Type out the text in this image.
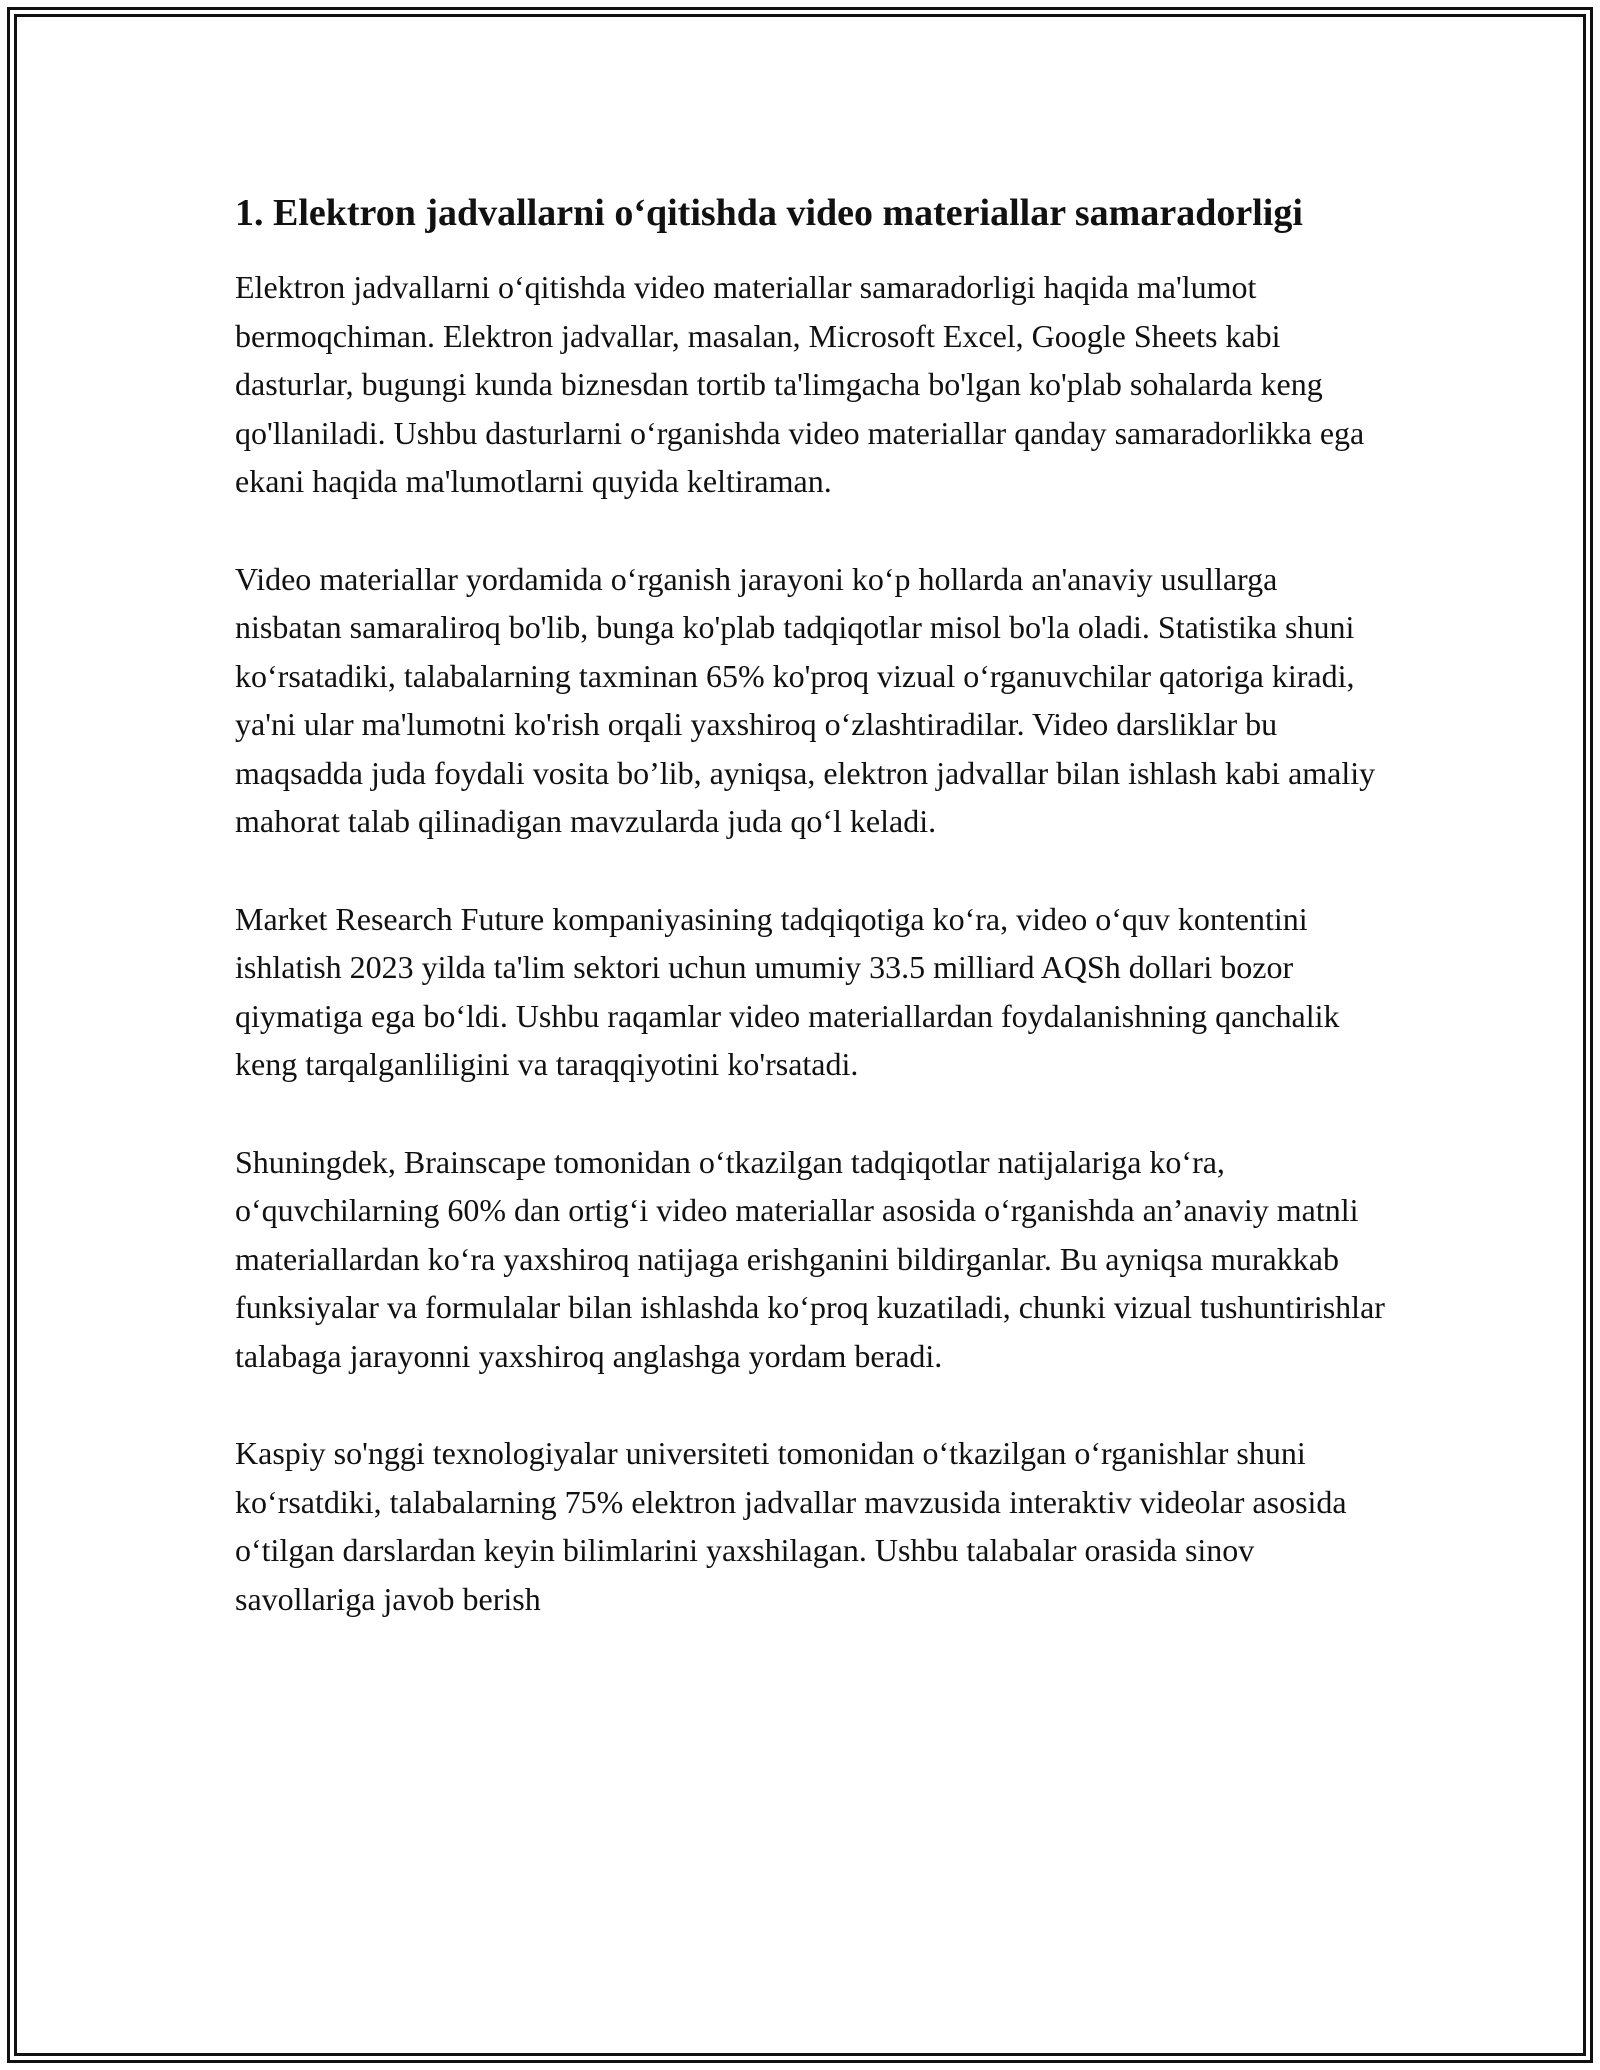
1. Elektron jadvallarni o‘qitishda video materiallar samaradorligi

Elektron jadvallarni o‘qitishda video materiallar samaradorligi haqida ma'lumot bermoqchiman. Elektron jadvallar, masalan, Microsoft Excel, Google Sheets kabi dasturlar, bugungi kunda biznesdan tortib ta'limgacha bo'lgan ko'plab sohalarda keng qo'llaniladi. Ushbu dasturlarni o‘rganishda video materiallar qanday samaradorlikka ega ekani haqida ma'lumotlarni quyida keltiraman.

Video materiallar yordamida o‘rganish jarayoni ko‘p hollarda an'anaviy usullarga nisbatan samaraliroq bo'lib, bunga ko'plab tadqiqotlar misol bo'la oladi. Statistika shuni ko‘rsatadiki, talabalarning taxminan 65% ko'proq vizual o‘rganuvchilar qatoriga kiradi, ya'ni ular ma'lumotni ko'rish orqali yaxshiroq o‘zlashtiradilar. Video darsliklar bu maqsadda juda foydali vosita bo’lib, ayniqsa, elektron jadvallar bilan ishlash kabi amaliy mahorat talab qilinadigan mavzularda juda qo‘l keladi.

Market Research Future kompaniyasining tadqiqotiga ko‘ra, video o‘quv kontentini ishlatish 2023 yilda ta'lim sektori uchun umumiy 33.5 milliard AQSh dollari bozor qiymatiga ega bo‘ldi. Ushbu raqamlar video materiallardan foydalanishning qanchalik keng tarqalganliligini va taraqqiyotini ko'rsatadi.

Shuningdek, Brainscape tomonidan o‘tkazilgan tadqiqotlar natijalariga ko‘ra, o‘quvchilarning 60% dan ortig‘i video materiallar asosida o‘rganishda an’anaviy matnli materiallardan ko‘ra yaxshiroq natijaga erishganini bildirganlar. Bu ayniqsa murakkab funksiyalar va formulalar bilan ishlashda ko‘proq kuzatiladi, chunki vizual tushuntirishlar talabaga jarayonni yaxshiroq anglashga yordam beradi.

Kaspiy so'nggi texnologiyalar universiteti tomonidan o‘tkazilgan o‘rganishlar shuni ko‘rsatdiki, talabalarning 75% elektron jadvallar mavzusida interaktiv videolar asosida o‘tilgan darslardan keyin bilimlarini yaxshilagan. Ushbu talabalar orasida sinov savollariga javob berish
